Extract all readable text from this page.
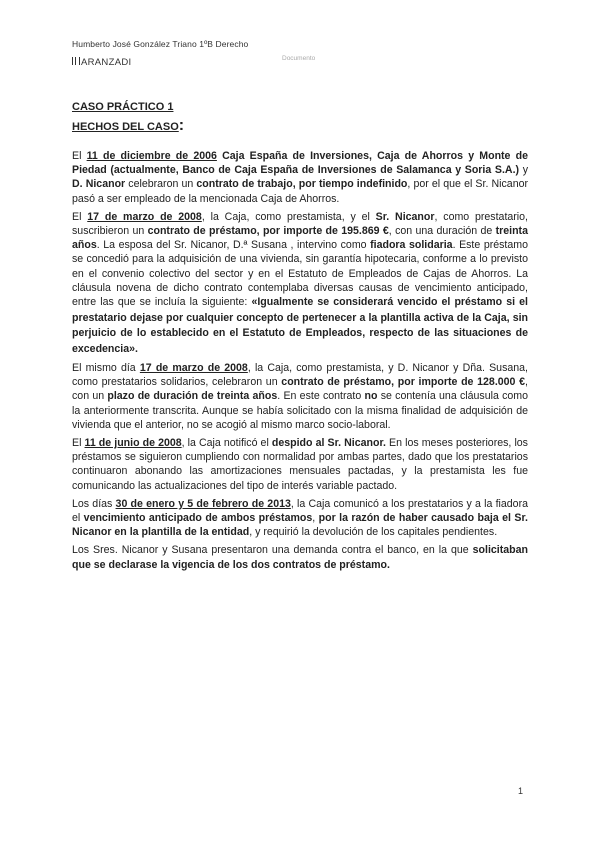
Humberto José González Triano 1ºB Derecho
ARANZADI	Documento
CASO PRÁCTICO 1
HECHOS DEL CASO:

El 11 de diciembre de 2006 Caja España de Inversiones, Caja de Ahorros y Monte de Piedad (actualmente, Banco de Caja España de Inversiones de Salamanca y Soria S.A.) y D. Nicanor celebraron un contrato de trabajo, por tiempo indefinido, por el que el Sr. Nicanor pasó a ser empleado de la mencionada Caja de Ahorros.

El 17 de marzo de 2008, la Caja, como prestamista, y el Sr. Nicanor, como prestatario, suscribieron un contrato de préstamo, por importe de 195.869 €, con una duración de treinta años. La esposa del Sr. Nicanor, D.ª Susana , intervino como fiadora solidaria. Este préstamo se concedió para la adquisición de una vivienda, sin garantía hipotecaria, conforme a lo previsto en el convenio colectivo del sector y en el Estatuto de Empleados de Cajas de Ahorros. La cláusula novena de dicho contrato contemplaba diversas causas de vencimiento anticipado, entre las que se incluía la siguiente: «Igualmente se considerará vencido el préstamo si el prestatario dejase por cualquier concepto de pertenecer a la plantilla activa de la Caja, sin perjuicio de lo establecido en el Estatuto de Empleados, respecto de las situaciones de excedencia».

El mismo día 17 de marzo de 2008, la Caja, como prestamista, y D. Nicanor y Dña. Susana, como prestatarios solidarios, celebraron un contrato de préstamo, por importe de 128.000 €, con un plazo de duración de treinta años. En este contrato no se contenía una cláusula como la anteriormente transcrita. Aunque se había solicitado con la misma finalidad de adquisición de vivienda que el anterior, no se acogió al mismo marco socio-laboral.

El 11 de junio de 2008, la Caja notificó el despido al Sr. Nicanor. En los meses posteriores, los préstamos se siguieron cumpliendo con normalidad por ambas partes, dado que los prestatarios continuaron abonando las amortizaciones mensuales pactadas, y la prestamista les fue comunicando las actualizaciones del tipo de interés variable pactado.

Los días 30 de enero y 5 de febrero de 2013, la Caja comunicó a los prestatarios y a la fiadora el vencimiento anticipado de ambos préstamos, por la razón de haber causado baja el Sr. Nicanor en la plantilla de la entidad, y requirió la devolución de los capitales pendientes.

Los Sres. Nicanor y Susana presentaron una demanda contra el banco, en la que solicitaban que se declarase la vigencia de los dos contratos de préstamo.

1
